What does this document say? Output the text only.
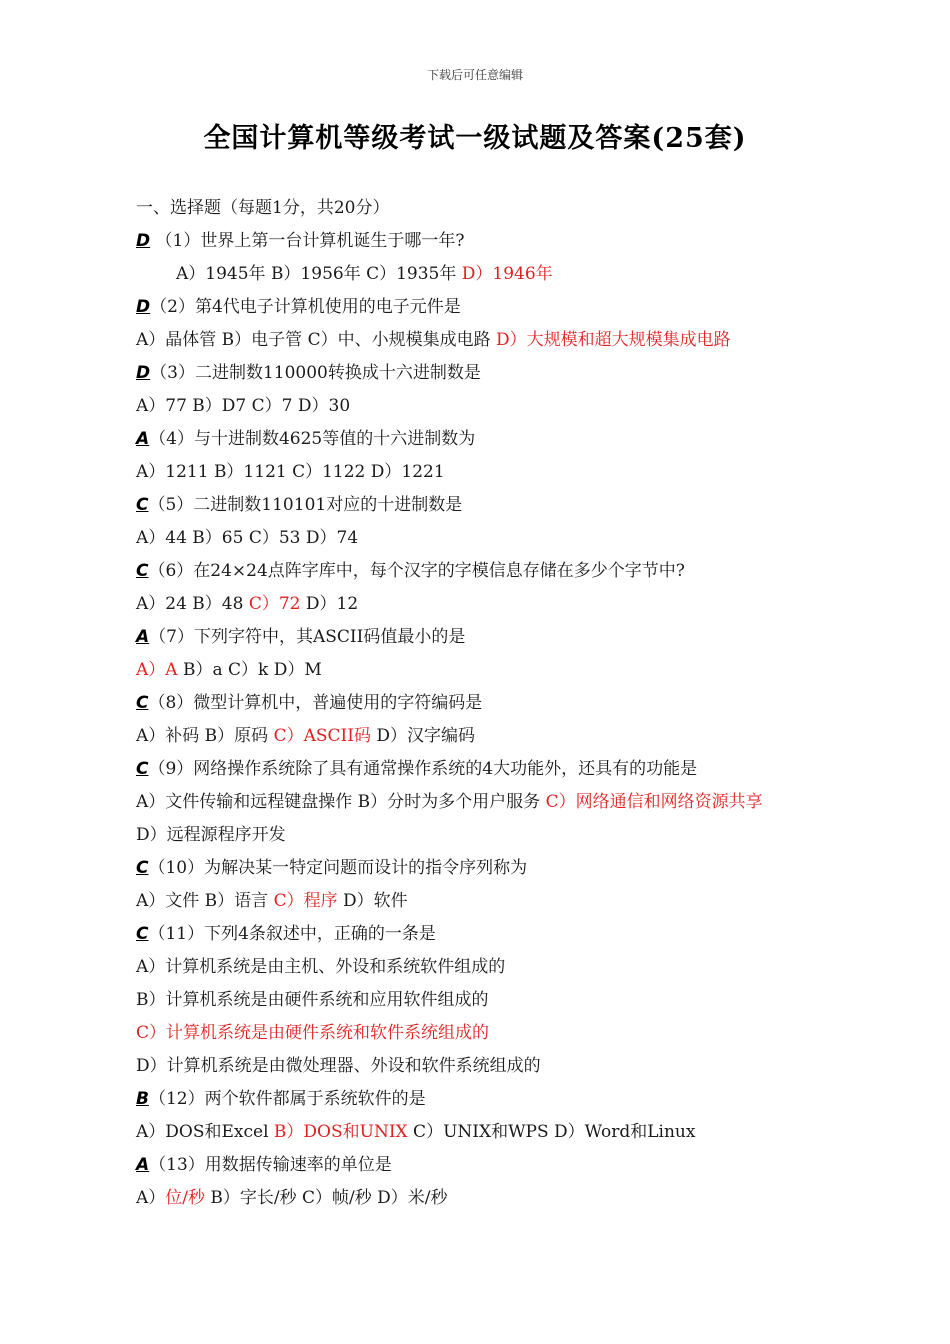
下载后可任意编辑
全国计算机等级考试一级试题及答案(25套)
一、选择题（每题1分，共20分）
D （1）世界上第一台计算机诞生于哪一年?
A）1945年 B）1956年 C）1935年 D）1946年
D（2）第4代电子计算机使用的电子元件是
A）晶体管 B）电子管 C）中、小规模集成电路 D）大规模和超大规模集成电路
D（3）二进制数110000转换成十六进制数是
A）77 B）D7 C）7 D）30
A（4）与十进制数4625等值的十六进制数为
A）1211 B）1121 C）1122 D）1221
C（5）二进制数110101对应的十进制数是
A）44 B）65 C）53 D）74
C（6）在24×24点阵字库中，每个汉字的字模信息存储在多少个字节中?
A）24 B）48 C）72 D）12
A（7）下列字符中，其ASCII码值最小的是
A）A B）a C）k D）M
C（8）微型计算机中，普遍使用的字符编码是
A）补码 B）原码 C）ASCII码 D）汉字编码
C（9）网络操作系统除了具有通常操作系统的4大功能外，还具有的功能是
A）文件传输和远程键盘操作 B）分时为多个用户服务 C）网络通信和网络资源共享
D）远程源程序开发
C（10）为解决某一特定问题而设计的指令序列称为
A）文件 B）语言 C）程序 D）软件
C（11）下列4条叙述中，正确的一条是
A）计算机系统是由主机、外设和系统软件组成的
B）计算机系统是由硬件系统和应用软件组成的
C）计算机系统是由硬件系统和软件系统组成的
D）计算机系统是由微处理器、外设和软件系统组成的
B（12）两个软件都属于系统软件的是
A）DOS和Excel B）DOS和UNIX C）UNIX和WPS D）Word和Linux
A（13）用数据传输速率的单位是
A）位/秒 B）字长/秒 C）帧/秒 D）米/秒
